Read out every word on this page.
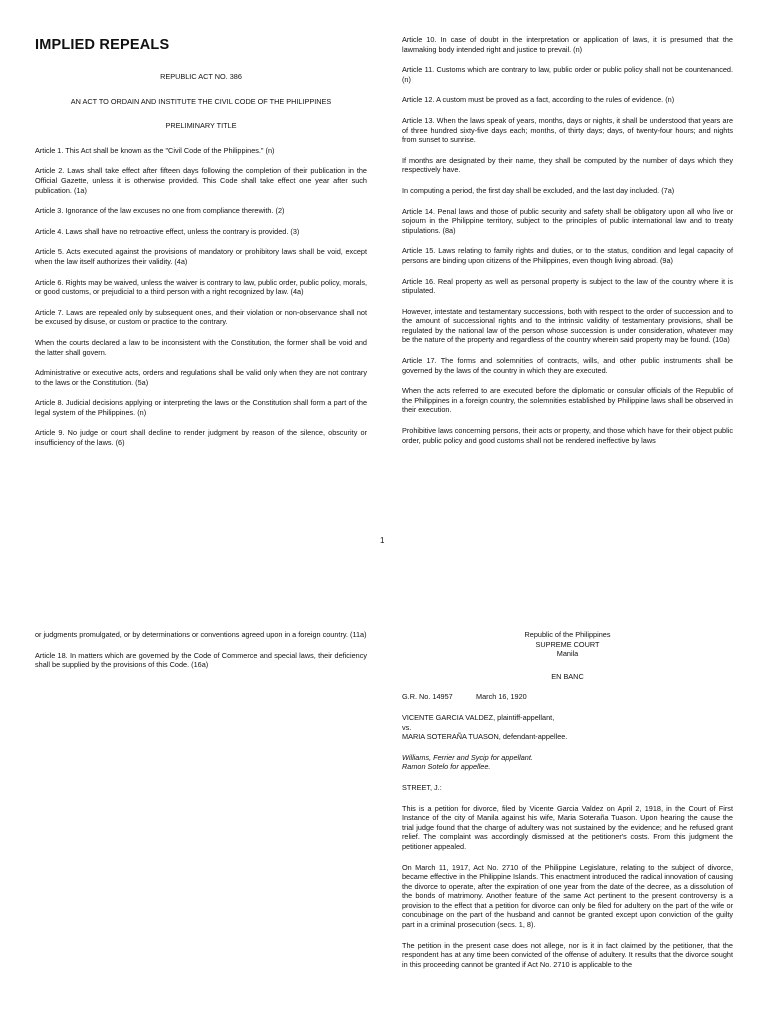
IMPLIED REPEALS

REPUBLIC ACT NO. 386

AN ACT TO ORDAIN AND INSTITUTE THE CIVIL CODE OF THE PHILIPPINES

PRELIMINARY TITLE

Article 1. This Act shall be known as the "Civil Code of the Philippines." (n)

Article 2. Laws shall take effect after fifteen days following the completion of their publication in the Official Gazette, unless it is otherwise provided. This Code shall take effect one year after such publication. (1a)

Article 3. Ignorance of the law excuses no one from compliance therewith. (2)

Article 4. Laws shall have no retroactive effect, unless the contrary is provided. (3)

Article 5. Acts executed against the provisions of mandatory or prohibitory laws shall be void, except when the law itself authorizes their validity. (4a)

Article 6. Rights may be waived, unless the waiver is contrary to law, public order, public policy, morals, or good customs, or prejudicial to a third person with a right recognized by law. (4a)

Article 7. Laws are repealed only by subsequent ones, and their violation or non-observance shall not be excused by disuse, or custom or practice to the contrary.

When the courts declared a law to be inconsistent with the Constitution, the former shall be void and the latter shall govern.

Administrative or executive acts, orders and regulations shall be valid only when they are not contrary to the laws or the Constitution. (5a)

Article 8. Judicial decisions applying or interpreting the laws or the Constitution shall form a part of the legal system of the Philippines. (n)

Article 9. No judge or court shall decline to render judgment by reason of the silence, obscurity or insufficiency of the laws. (6)

Article 10. In case of doubt in the interpretation or application of laws, it is presumed that the lawmaking body intended right and justice to prevail. (n)

Article 11. Customs which are contrary to law, public order or public policy shall not be countenanced. (n)

Article 12. A custom must be proved as a fact, according to the rules of evidence. (n)

Article 13. When the laws speak of years, months, days or nights, it shall be understood that years are of three hundred sixty-five days each; months, of thirty days; days, of twenty-four hours; and nights from sunset to sunrise.

If months are designated by their name, they shall be computed by the number of days which they respectively have.

In computing a period, the first day shall be excluded, and the last day included. (7a)

Article 14. Penal laws and those of public security and safety shall be obligatory upon all who live or sojourn in the Philippine territory, subject to the principles of public international law and to treaty stipulations. (8a)

Article 15. Laws relating to family rights and duties, or to the status, condition and legal capacity of persons are binding upon citizens of the Philippines, even though living abroad. (9a)

Article 16. Real property as well as personal property is subject to the law of the country where it is stipulated.

However, intestate and testamentary successions, both with respect to the order of succession and to the amount of successional rights and to the intrinsic validity of testamentary provisions, shall be regulated by the national law of the person whose succession is under consideration, whatever may be the nature of the property and regardless of the country wherein said property may be found. (10a)

Article 17. The forms and solemnities of contracts, wills, and other public instruments shall be governed by the laws of the country in which they are executed.

When the acts referred to are executed before the diplomatic or consular officials of the Republic of the Philippines in a foreign country, the solemnities established by Philippine laws shall be observed in their execution.

Prohibitive laws concerning persons, their acts or property, and those which have for their object public order, public policy and good customs shall not be rendered ineffective by laws

1

or judgments promulgated, or by determinations or conventions agreed upon in a foreign country. (11a)

Article 18. In matters which are governed by the Code of Commerce and special laws, their deficiency shall be supplied by the provisions of this Code. (16a)

Republic of the Philippines
SUPREME COURT
Manila

EN BANC

G.R. No. 14957	March 16, 1920

VICENTE GARCIA VALDEZ, plaintiff-appellant,

vs.

MARIA SOTERAÑA TUASON, defendant-appellee.

Williams, Ferrier and Sycip for appellant.

Ramon Sotelo for appellee.

STREET, J.:

This is a petition for divorce, filed by Vicente Garcia Valdez on April 2, 1918, in the Court of First Instance of the city of Manila against his wife, Maria Soteraña Tuason. Upon hearing the cause the trial judge found that the charge of adultery was not sustained by the evidence; and he refused grant relief. The complaint was accordingly dismissed at the petitioner's costs. From this judgment the petitioner appealed.

On March 11, 1917, Act No. 2710 of the Philippine Legislature, relating to the subject of divorce, became effective in the Philippine Islands. This enactment introduced the radical innovation of causing the divorce to operate, after the expiration of one year from the date of the decree, as a dissolution of the bonds of matrimony. Another feature of the same Act pertinent to the present controversy is a provision to the effect that a petition for divorce can only be filed for adultery on the part of the wife or concubinage on the part of the husband and cannot be granted except upon conviction of the guilty part in a criminal prosecution (secs. 1, 8).

The petition in the present case does not allege, nor is it in fact claimed by the petitioner, that the respondent has at any time been convicted of the offense of adultery. It results that the divorce sought in this proceeding cannot be granted if Act No. 2710 is applicable to the
